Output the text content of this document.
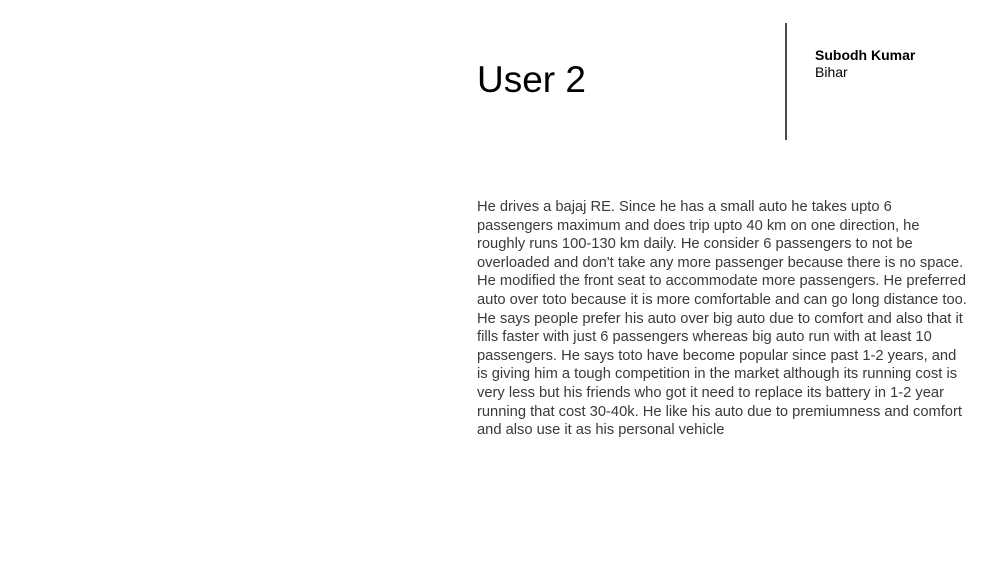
User 2
Subodh Kumar
Bihar

He drives a bajaj RE. Since he has a small auto he takes upto 6 passengers maximum and does trip upto 40 km on one direction, he roughly runs 100-130 km daily. He consider 6 passengers to not be overloaded and don't take any more passenger because there is no space. He modified the front seat to accommodate more passengers. He preferred auto over toto because it is more comfortable and can go long distance too.

He says people prefer his auto over big auto due to comfort and also that it fills faster with just 6 passengers whereas big auto run with at least 10 passengers. He says toto have become popular since past 1-2 years, and is giving him a tough competition in the market although its running cost is very less but his friends who got it need to replace its battery in 1-2 year running that cost 30-40k. He like his auto due to premiumness and comfort and also use it as his personal vehicle
